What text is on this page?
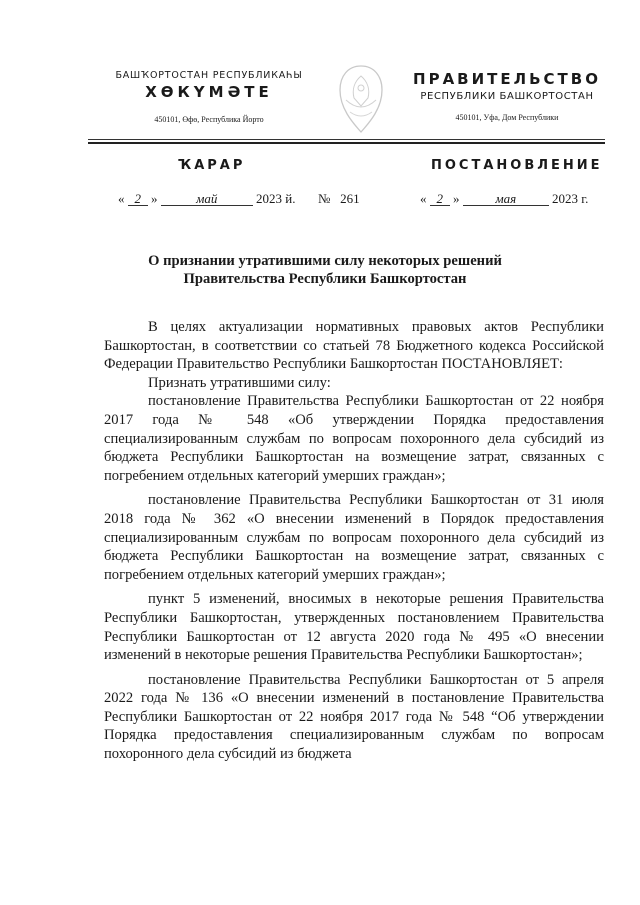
БАШҠОРТОСТАН РЕСПУБЛИКАҺЫ
ХӨКҮМӘТЕ
450101, Өфө, Республика Йорто
ПРАВИТЕЛЬСТВО
РЕСПУБЛИКИ БАШКОРТОСТАН
450101, Уфа, Дом Республики
ҠАРАР	ПОСТАНОВЛЕНИЕ
« 2 »	май	2023 й. № 261	« 2 »	мая	2023 г.
О признании утратившими силу некоторых решений
Правительства Республики Башкортостан

В целях актуализации нормативных правовых актов Республики Башкортостан, в соответствии со статьей 78 Бюджетного кодекса Российской Федерации Правительство Республики Башкортостан ПОСТАНОВЛЯЕТ:

Признать утратившими силу:

постановление Правительства Республики Башкортостан от 22 ноября 2017 года № 548 «Об утверждении Порядка предоставления специализированным службам по вопросам похоронного дела субсидий из бюджета Республики Башкортостан на возмещение затрат, связанных с погребением отдельных категорий умерших граждан»;

постановление Правительства Республики Башкортостан от 31 июля 2018 года № 362 «О внесении изменений в Порядок предоставления специализированным службам по вопросам похоронного дела субсидий из бюджета Республики Башкортостан на возмещение затрат, связанных с погребением отдельных категорий умерших граждан»;

пункт 5 изменений, вносимых в некоторые решения Правительства Республики Башкортостан, утвержденных постановлением Правительства Республики Башкортостан от 12 августа 2020 года № 495 «О внесении изменений в некоторые решения Правительства Республики Башкортостан»;

постановление Правительства Республики Башкортостан от 5 апреля 2022 года № 136 «О внесении изменений в постановление Правительства Республики Башкортостан от 22 ноября 2017 года № 548 “Об утверждении Порядка предоставления специализированным службам по вопросам похоронного дела субсидий из бюджета
